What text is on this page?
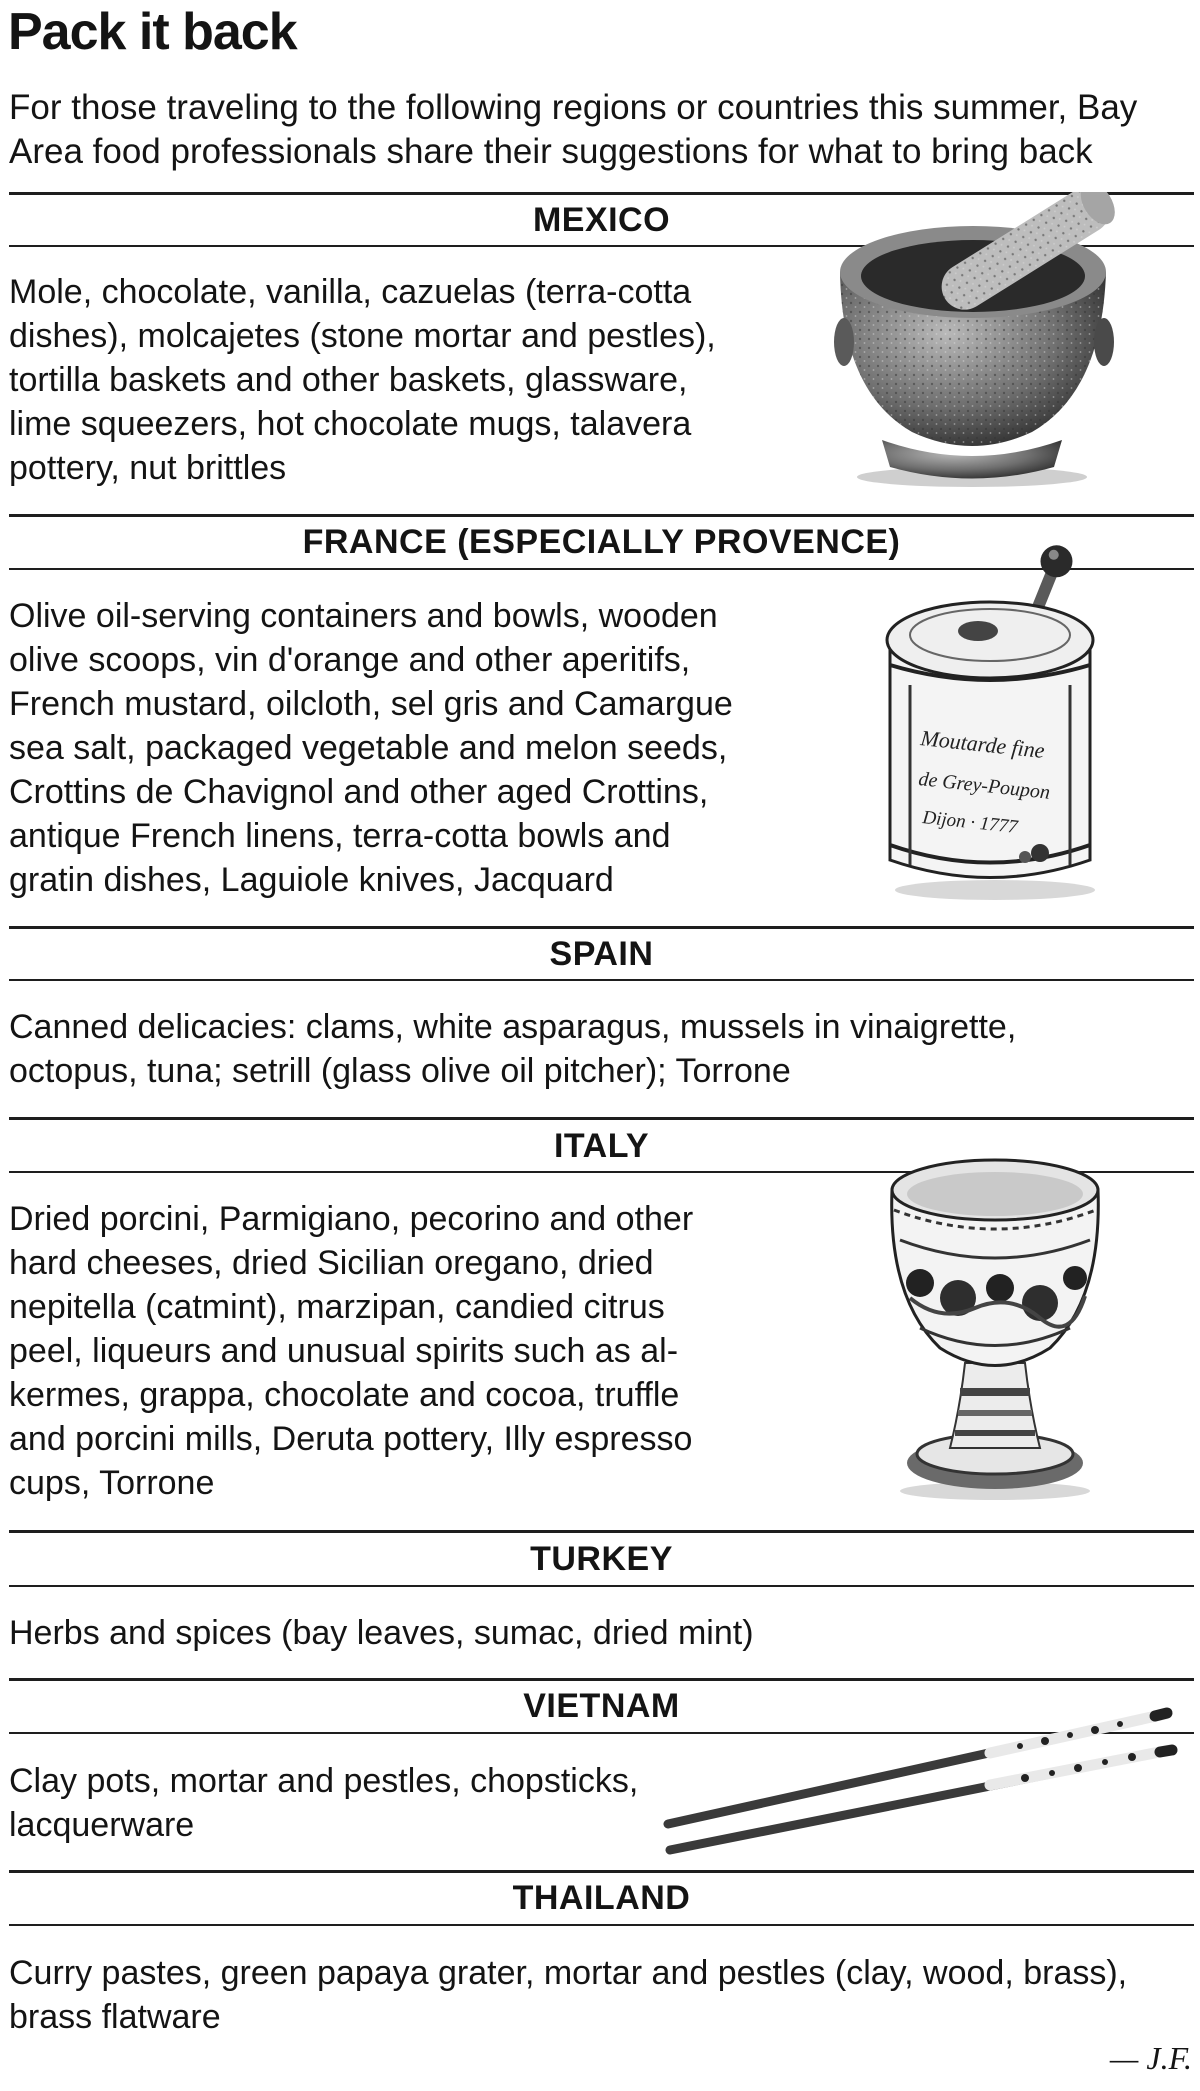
Pack it back
For those traveling to the following regions or countries this summer, Bay
Area food professionals share their suggestions for what to bring back
MEXICO
Mole, chocolate, vanilla, cazuelas (terra-cotta
dishes), molcajetes (stone mortar and pestles),
tortilla baskets and other baskets, glassware,
lime squeezers, hot chocolate mugs, talavera
pottery, nut brittles
FRANCE (ESPECIALLY PROVENCE)
Olive oil-serving containers and bowls, wooden
olive scoops, vin d'orange and other aperitifs,
French mustard, oilcloth, sel gris and Camargue
sea salt, packaged vegetable and melon seeds,
Crottins de Chavignol and other aged Crottins,
antique French linens, terra-cotta bowls and
gratin dishes, Laguiole knives, Jacquard
Moutarde fine
de Grey-Poupon
Dijon · 1777
SPAIN
Canned delicacies: clams, white asparagus, mussels in vinaigrette,
octopus, tuna; setrill (glass olive oil pitcher); Torrone
ITALY
Dried porcini, Parmigiano, pecorino and other
hard cheeses, dried Sicilian oregano, dried
nepitella (catmint), marzipan, candied citrus
peel, liqueurs and unusual spirits such as al-
kermes, grappa, chocolate and cocoa, truffle
and porcini mills, Deruta pottery, Illy espresso
cups, Torrone
TURKEY
Herbs and spices (bay leaves, sumac, dried mint)
VIETNAM
Clay pots, mortar and pestles, chopsticks,
lacquerware
THAILAND
Curry pastes, green papaya grater, mortar and pestles (clay, wood, brass),
brass flatware
— J.F.
